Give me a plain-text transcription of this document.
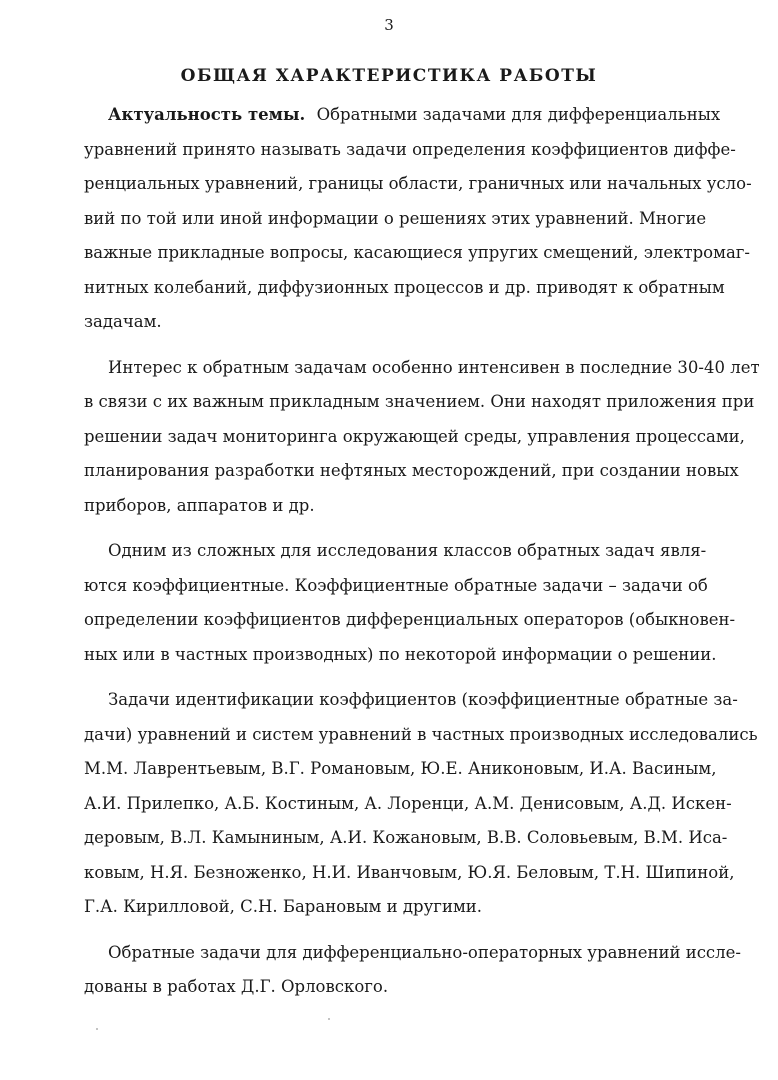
3
ОБЩАЯ ХАРАКТЕРИСТИКА РАБОТЫ

Актуальность темы. Обратными задачами для дифференциальных
уравнений принято называть задачи определения коэффициентов диффе-
ренциальных уравнений, границы области, граничных или начальных усло-
вий по той или иной информации о решениях этих уравнений. Многие
важные прикладные вопросы, касающиеся упругих смещений, электромаг-
нитных колебаний, диффузионных процессов и др. приводят к обратным
задачам.

Интерес к обратным задачам особенно интенсивен в последние 30-40 лет
в связи с их важным прикладным значением. Они находят приложения при
решении задач мониторинга окружающей среды, управления процессами,
планирования разработки нефтяных месторождений, при создании новых
приборов, аппаратов и др.

Одним из сложных для исследования классов обратных задач явля-
ются коэффициентные. Коэффициентные обратные задачи – задачи об
определении коэффициентов дифференциальных операторов (обыкновен-
ных или в частных производных) по некоторой информации о решении.

Задачи идентификации коэффициентов (коэффициентные обратные за-
дачи) уравнений и систем уравнений в частных производных исследовались
М.М. Лаврентьевым, В.Г. Романовым, Ю.Е. Аниконовым, И.А. Васиным,
А.И. Прилепко, А.Б. Костиным, А. Лоренци, А.М. Денисовым, А.Д. Искен-
деровым, В.Л. Камыниным, А.И. Кожановым, В.В. Соловьевым, В.М. Иса-
ковым, Н.Я. Безноженко, Н.И. Иванчовым, Ю.Я. Беловым, Т.Н. Шипиной,
Г.А. Кирилловой, С.Н. Барановым и другими.

Обратные задачи для дифференциально-операторных уравнений иссле-
дованы в работах Д.Г. Орловского.
